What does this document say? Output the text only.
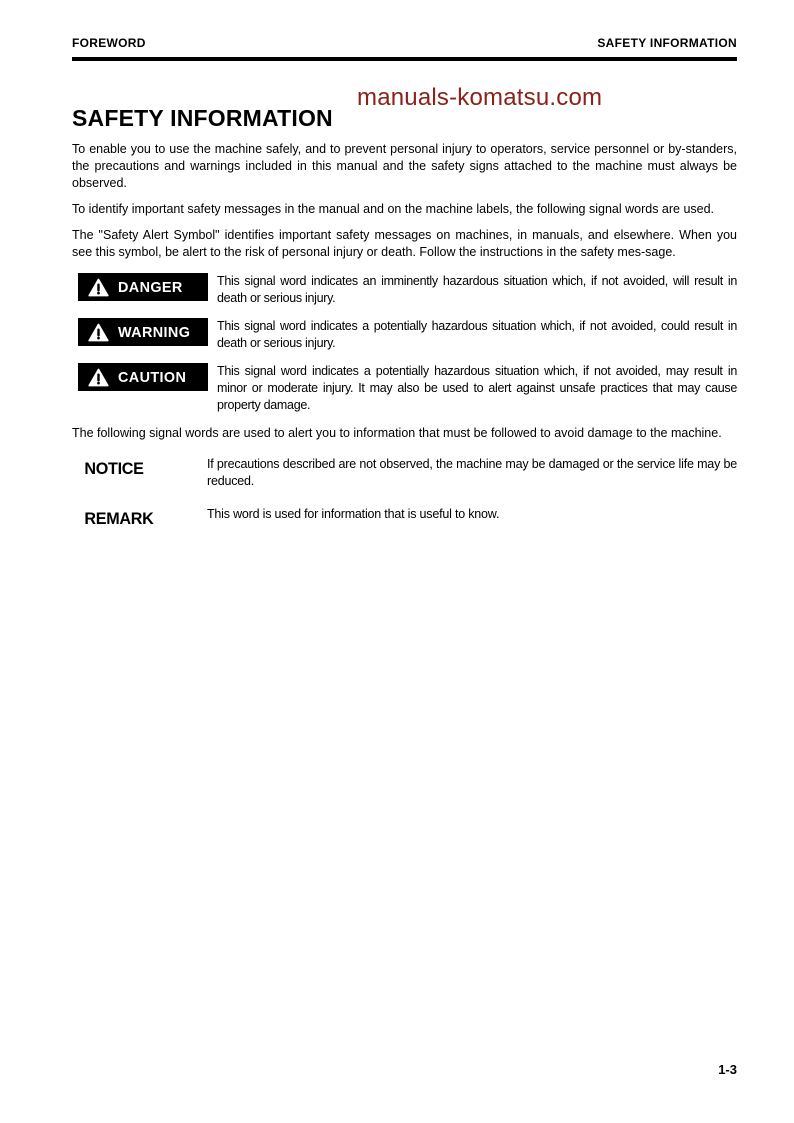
FOREWORD	SAFETY INFORMATION
manuals-komatsu.com
SAFETY INFORMATION

To enable you to use the machine safely, and to prevent personal injury to operators, service personnel or by-standers, the precautions and warnings included in this manual and the safety signs attached to the machine must always be observed.

To identify important safety messages in the manual and on the machine labels, the following signal words are used.

The "Safety Alert Symbol" identifies important safety messages on machines, in manuals, and elsewhere. When you see this symbol, be alert to the risk of personal injury or death. Follow the instructions in the safety mes-sage.

DANGER	This signal word indicates an imminently hazardous situation which, if not avoided, will result in death or serious injury.

WARNING This signal word indicates a potentially hazardous situation which, if not avoided, could result in death or serious injury.

CAUTION This signal word indicates a potentially hazardous situation which, if not avoided, may result in minor or moderate injury. It may also be used to alert against unsafe practices that may cause property damage.

The following signal words are used to alert you to information that must be followed to avoid damage to the machine.

NOTICE	If precautions described are not observed, the machine may be damaged or the service life may be reduced.

REMARK	This word is used for information that is useful to know.

1-3
